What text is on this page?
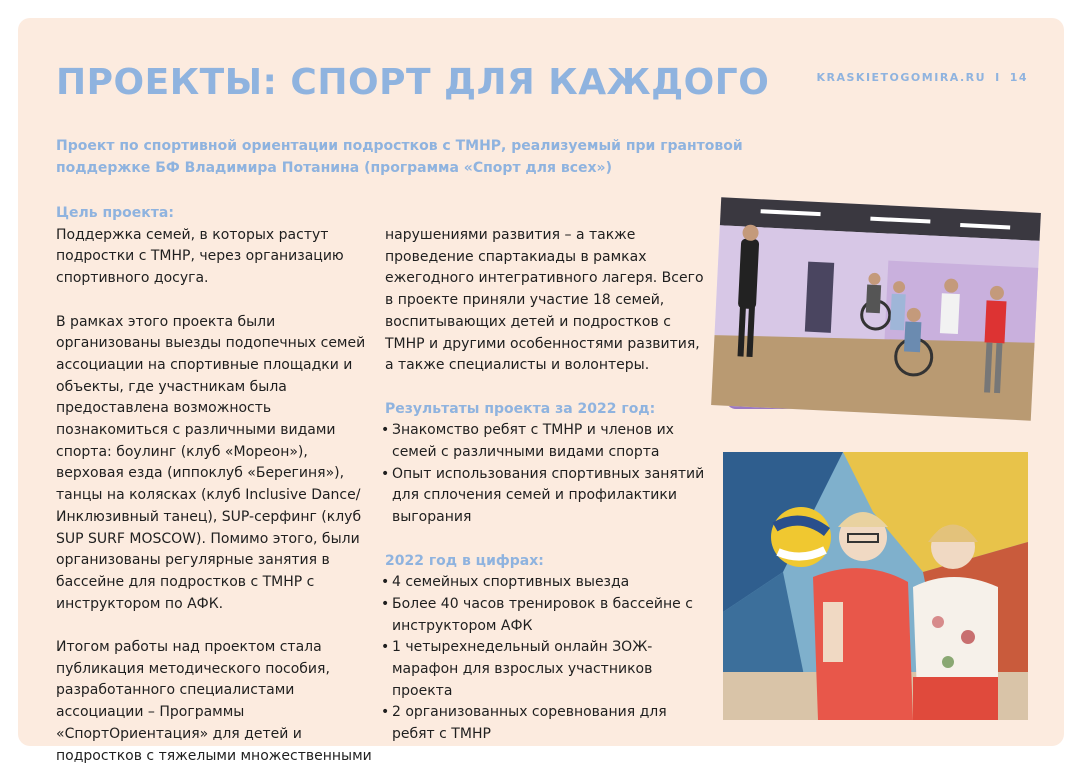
ПРОЕКТЫ: СПОРТ ДЛЯ КАЖДОГО	KRASKIETOGOMIRA.RU I 14

Проект по спортивной ориентации подростков с ТМНР, реализуемый при грантовой поддержке БФ Владимира Потанина (программа «Спорт для всех»)

Цель проекта:

Поддержка семей, в которых растут подростки с ТМНР, через организацию спортивного досуга.

В рамках этого проекта были организованы выезды подопечных семей ассоциации на спортивные площадки и объекты, где участникам была предоставлена возможность познакомиться с различными видами спорта: боулинг (клуб «Мореон»), верховая езда (иппоклуб «Берегиня»), танцы на колясках (клуб Inclusive Dance/Инклюзивный танец), SUP-серфинг (клуб SUP SURF MOSCOW). Помимо этого, были организованы регулярные занятия в бассейне для подростков с ТМНР с инструктором по АФК.

Итогом работы над проектом стала публикация методического пособия, разработанного специалистами ассоциации – Программы «СпортОриентация» для детей и подростков с тяжелыми множественными

нарушениями развития – а также проведение спартакиады в рамках ежегодного интегративного лагеря. Всего в проекте приняли участие 18 семей, воспитывающих детей и подростков с ТМНР и другими особенностями развития, а также специалисты и волонтеры.

Результаты проекта за 2022 год:

• Знакомство ребят с ТМНР и членов их семей с различными видами спорта
• Опыт использования спортивных занятий для сплочения семей и профилактики выгорания

2022 год в цифрах:

• 4 семейных спортивных выезда
• Более 40 часов тренировок в бассейне с инструктором АФК
• 1 четырехнедельный онлайн ЗОЖ-марафон для взрослых участников проекта
• 2 организованных соревнования для ребят с ТМНР
